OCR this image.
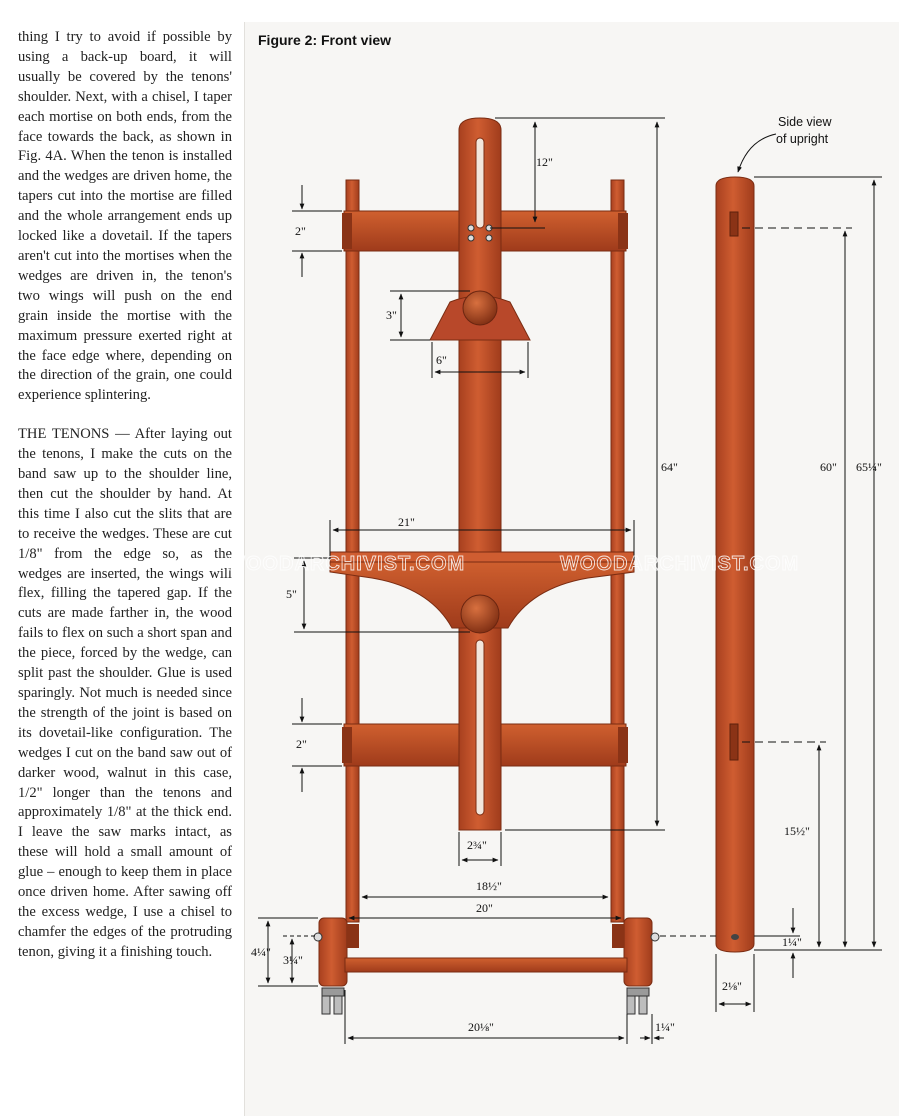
thing I try to avoid if possible by using a back-up board, it will usually be covered by the tenons' shoulder. Next, with a chisel, I taper each mortise on both ends, from the face towards the back, as shown in Fig. 4A. When the tenon is installed and the wedges are driven home, the tapers cut into the mortise are filled and the whole arrangement ends up locked like a dovetail. If the tapers aren't cut into the mortises when the wedges are driven in, the tenon's two wings will push on the end grain inside the mortise with the maximum pressure exerted right at the face edge where, depending on the direction of the grain, one could experience splintering.

THE TENONS — After laying out the tenons, I make the cuts on the band saw up to the shoulder line, then cut the shoulder by hand. At this time I also cut the slits that are to receive the wedges. These are cut 1/8" from the edge so, as the wedges are inserted, the wings will flex, filling the tapered gap. If the cuts are made farther in, the wood fails to flex on such a short span and the piece, forced by the wedge, can split past the shoulder. Glue is used sparingly. Not much is needed since the strength of the joint is based on its dovetail-like configuration. The wedges I cut on the band saw out of darker wood, walnut in this case, 1/2" longer than the tenons and approximately 1/8" at the thick end. I leave the saw marks intact, as these will hold a small amount of glue – enough to keep them in place once driven home. After sawing off the excess wedge, I use a chisel to chamfer the edges of the protruding tenon, giving it a finishing touch.

Figure 2: Front view
12"
2"
3"
6"
64"
21"
5"
2"
2¾"
18½"
20"
4¼"
3¼"
20⅛"	1¼"
60" 65¼"
15½"
1¼"
2⅛"
Side view
of upright
WOODARCHIVIST.COM	WOODARCHIVIST.COM
